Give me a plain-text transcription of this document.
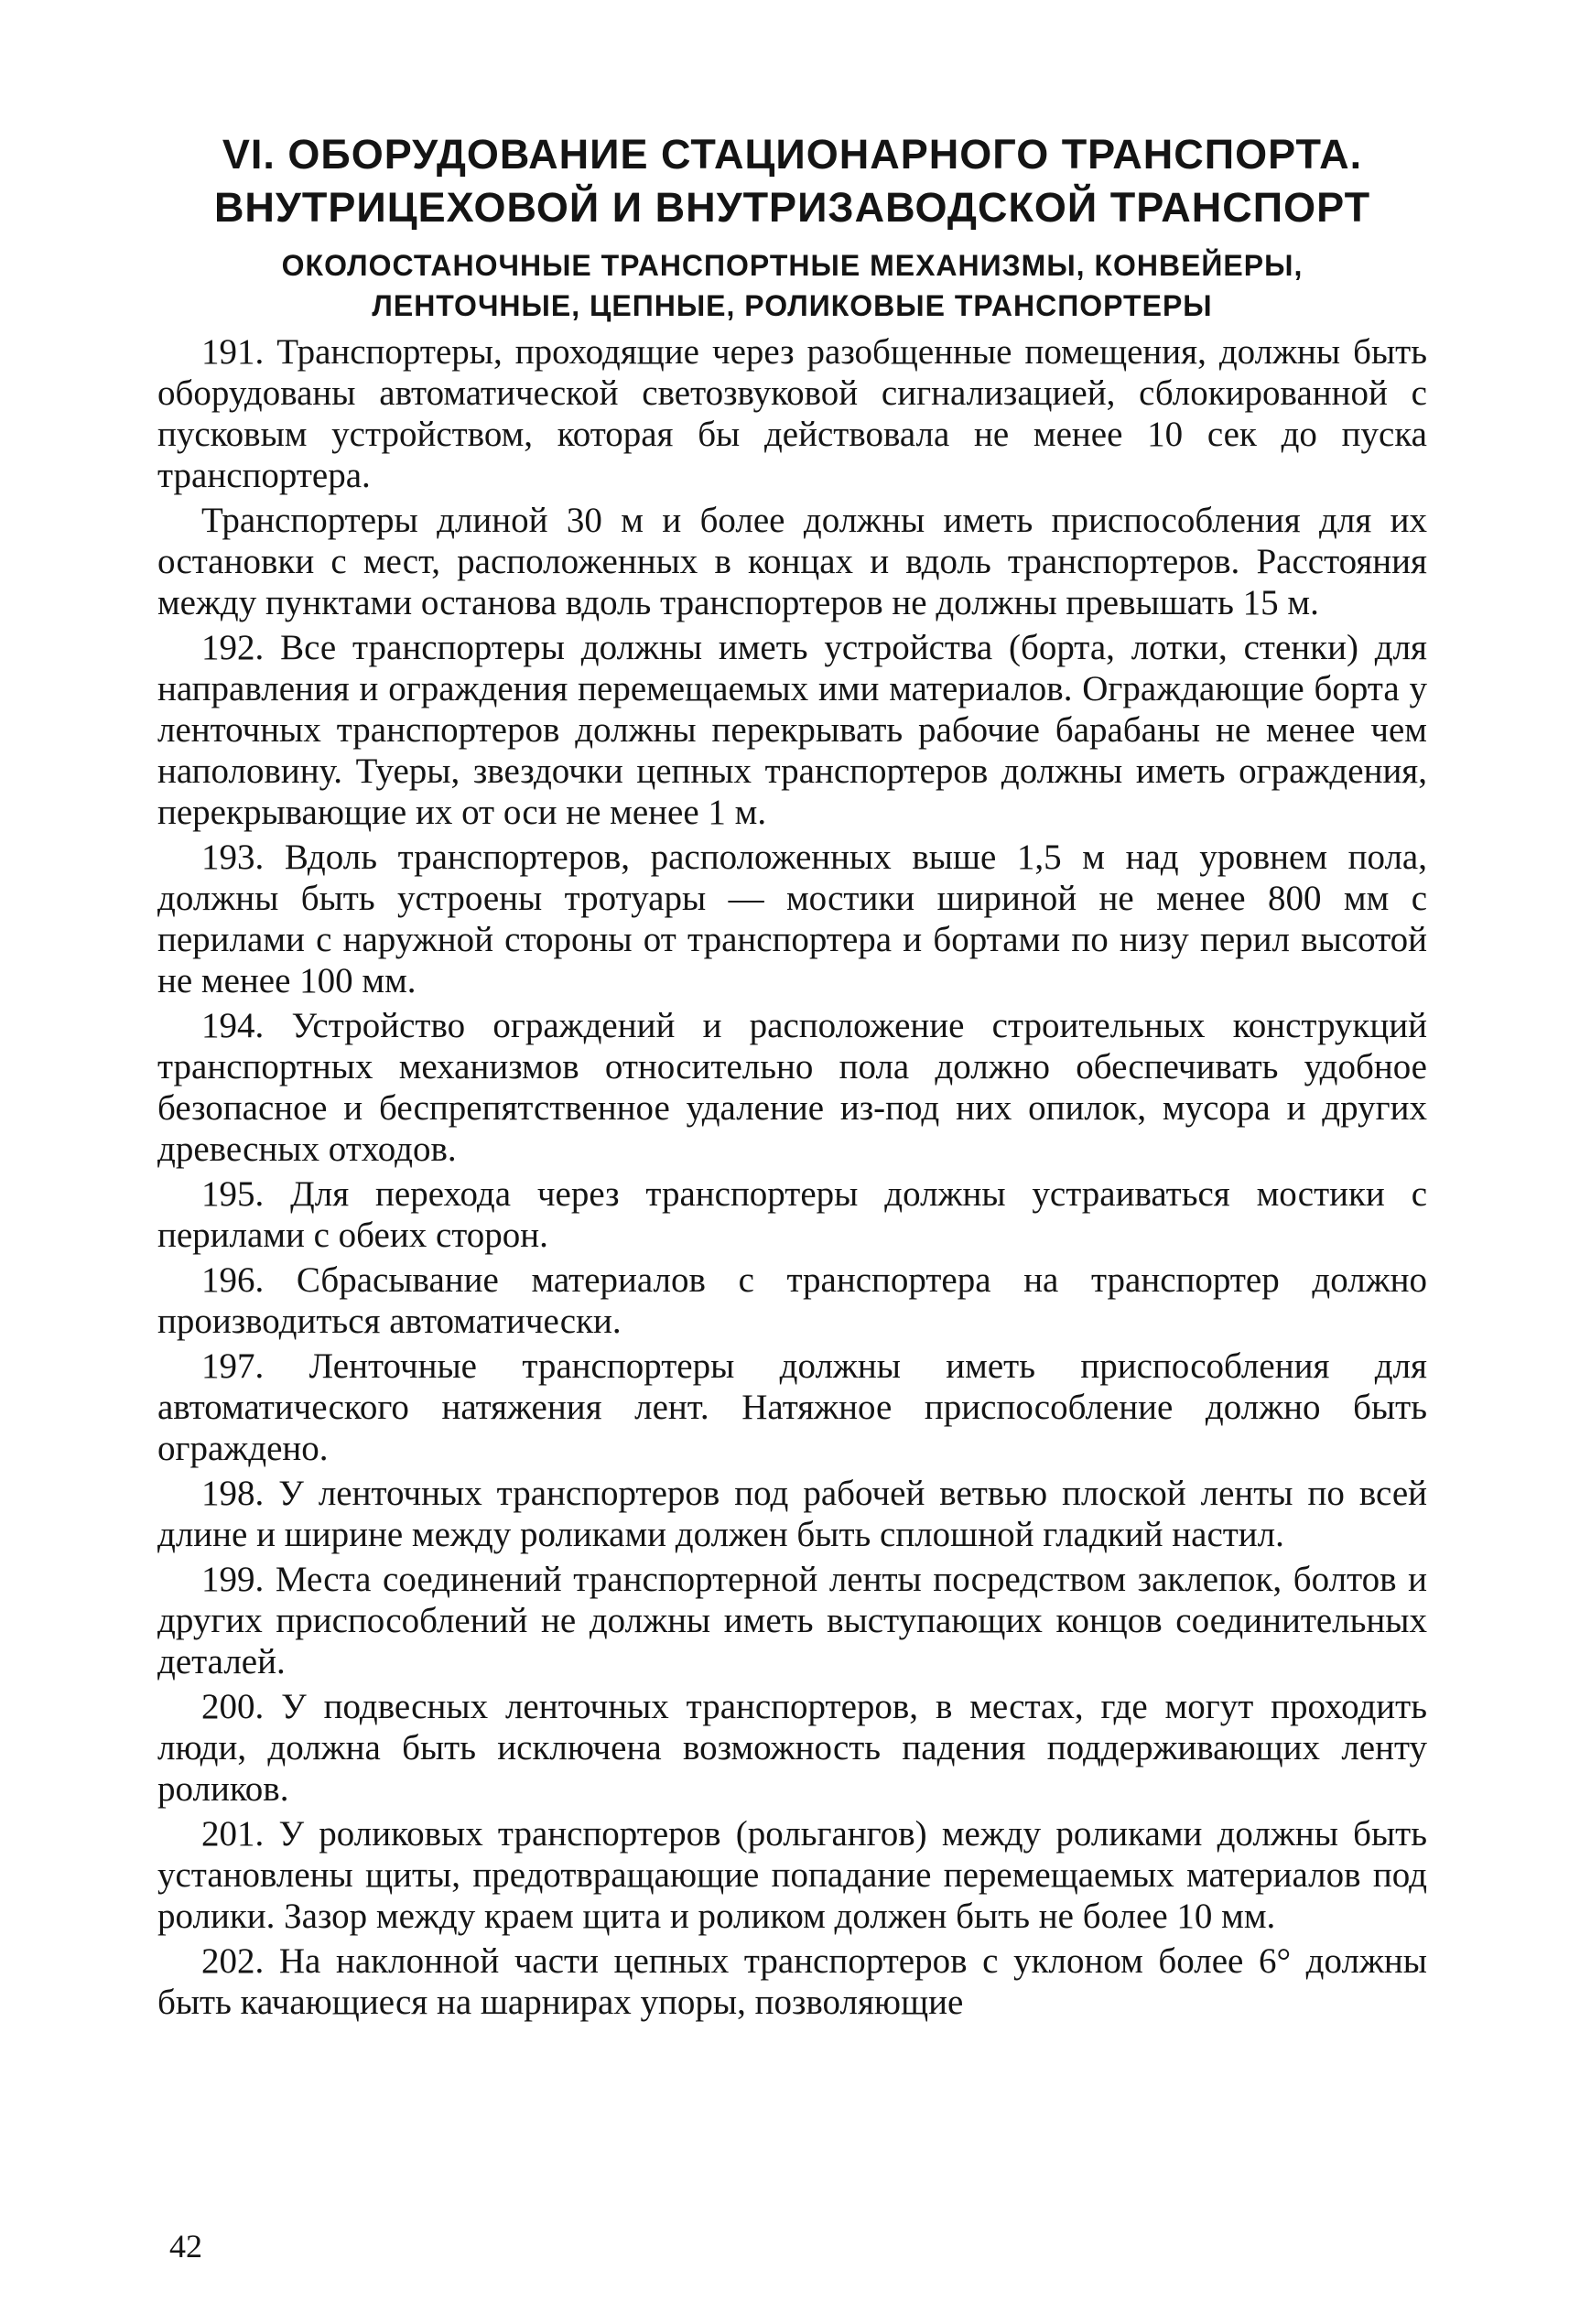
VI. ОБОРУДОВАНИЕ СТАЦИОНАРНОГО ТРАНСПОРТА.
ВНУТРИЦЕХОВОЙ И ВНУТРИЗАВОДСКОЙ ТРАНСПОРТ
ОКОЛОСТАНОЧНЫЕ ТРАНСПОРТНЫЕ МЕХАНИЗМЫ, КОНВЕЙЕРЫ,
ЛЕНТОЧНЫЕ, ЦЕПНЫЕ, РОЛИКОВЫЕ ТРАНСПОРТЕРЫ

191. Транспортеры, проходящие через разобщенные помещения, должны быть оборудованы автоматической светозвуковой сигнализацией, сблокированной с пусковым устройством, которая бы действовала не менее 10 сек до пуска транспортера.

Транспортеры длиной 30 м и более должны иметь приспособления для их остановки с мест, расположенных в концах и вдоль транспортеров. Расстояния между пунктами останова вдоль транспортеров не должны превышать 15 м.

192. Все транспортеры должны иметь устройства (борта, лотки, стенки) для направления и ограждения перемещаемых ими материалов. Ограждающие борта у ленточных транспортеров должны перекрывать рабочие барабаны не менее чем наполовину. Туеры, звездочки цепных транспортеров должны иметь ограждения, перекрывающие их от оси не менее 1 м.

193. Вдоль транспортеров, расположенных выше 1,5 м над уровнем пола, должны быть устроены тротуары — мостики шириной не менее 800 мм с перилами с наружной стороны от транспортера и бортами по низу перил высотой не менее 100 мм.

194. Устройство ограждений и расположение строительных конструкций транспортных механизмов относительно пола должно обеспечивать удобное безопасное и беспрепятственное удаление из-под них опилок, мусора и других древесных отходов.

195. Для перехода через транспортеры должны устраиваться мостики с перилами с обеих сторон.

196. Сбрасывание материалов с транспортера на транспортер должно производиться автоматически.

197. Ленточные транспортеры должны иметь приспособления для автоматического натяжения лент. Натяжное приспособление должно быть ограждено.

198. У ленточных транспортеров под рабочей ветвью плоской ленты по всей длине и ширине между роликами должен быть сплошной гладкий настил.

199. Места соединений транспортерной ленты посредством заклепок, болтов и других приспособлений не должны иметь выступающих концов соединительных деталей.

200. У подвесных ленточных транспортеров, в местах, где могут проходить люди, должна быть исключена возможность падения поддерживающих ленту роликов.

201. У роликовых транспортеров (рольгангов) между роликами должны быть установлены щиты, предотвращающие попадание перемещаемых материалов под ролики. Зазор между краем щита и роликом должен быть не более 10 мм.

202. На наклонной части цепных транспортеров с уклоном более 6° должны быть качающиеся на шарнирах упоры, позволяющие

42
